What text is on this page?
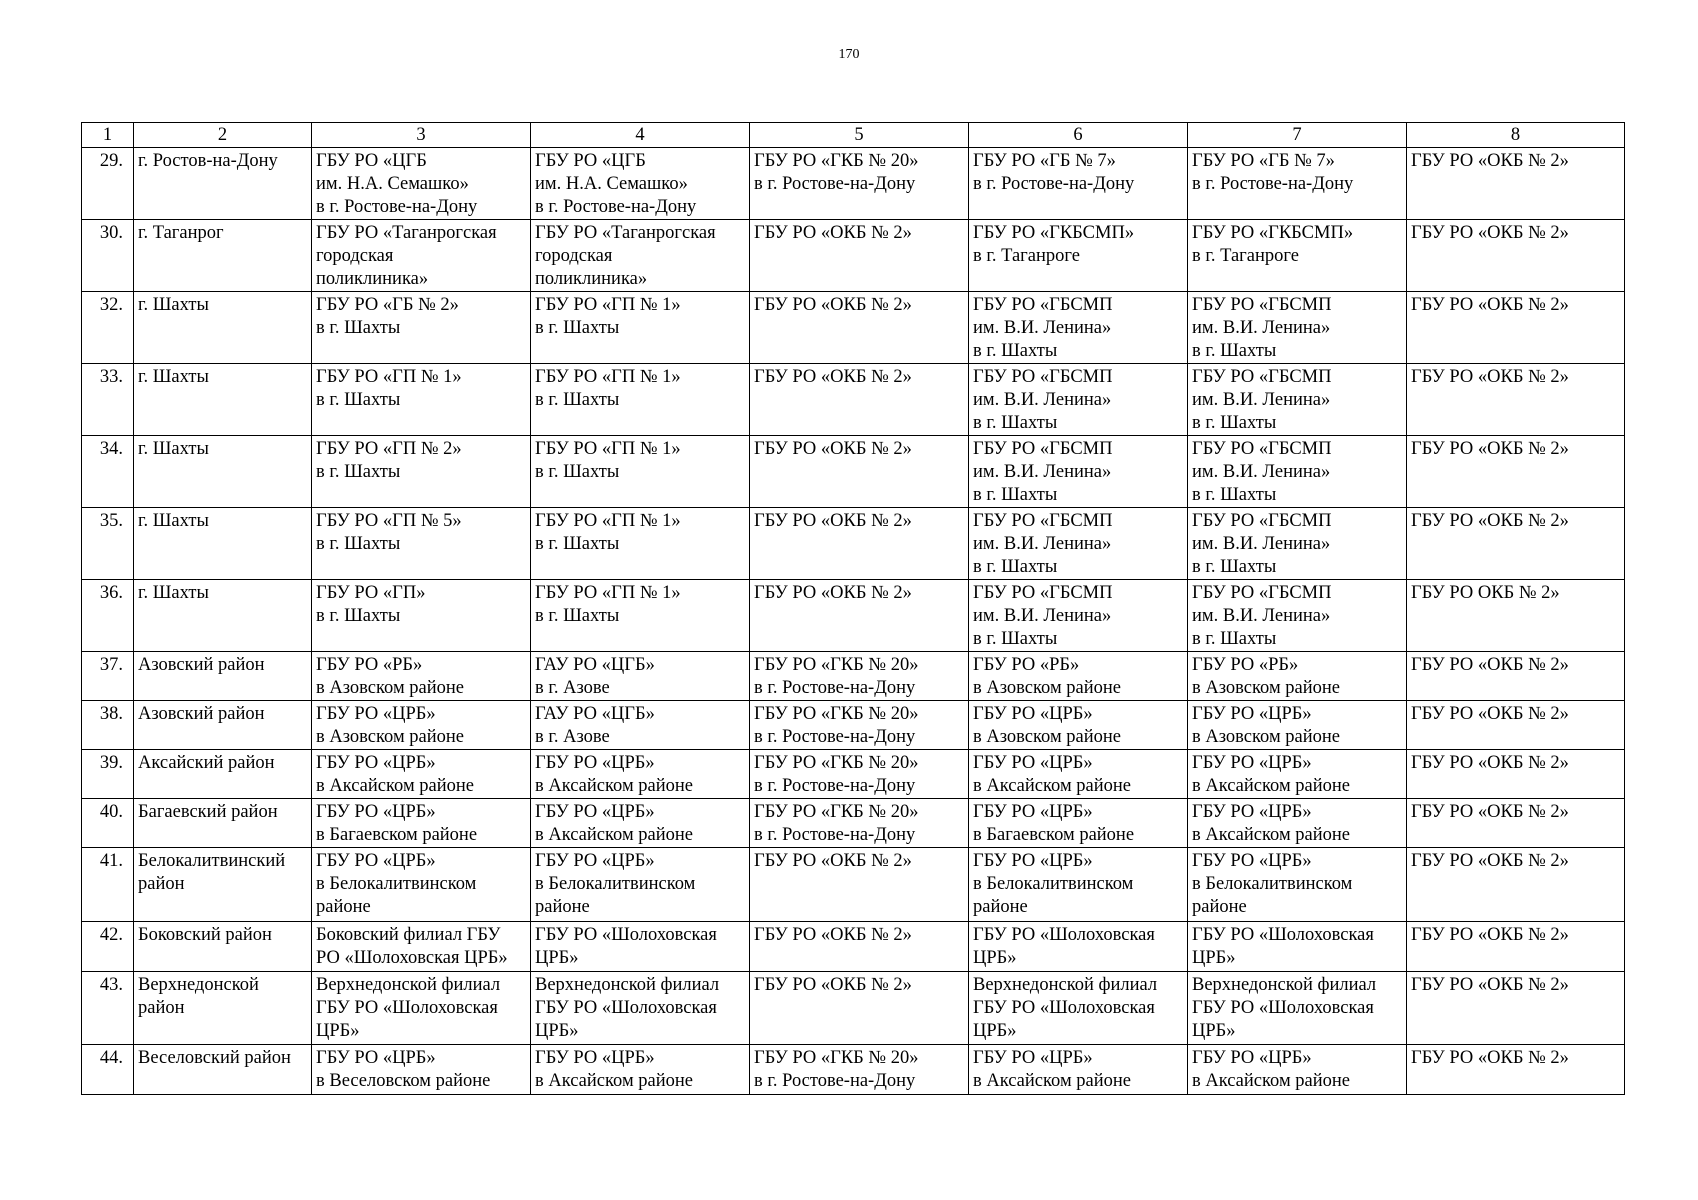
170
1	2	3	4	5	6	7	8
29.	г. Ростов-на-Дону	ГБУ РО «ЦГБ
им. Н.А. Семашко»
в г. Ростове-на-Дону	ГБУ РО «ЦГБ
им. Н.А. Семашко»
в г. Ростове-на-Дону	ГБУ РО «ГКБ № 20»
в г. Ростове-на-Дону	ГБУ РО «ГБ № 7»
в г. Ростове-на-Дону	ГБУ РО «ГБ № 7»
в г. Ростове-на-Дону	ГБУ РО «ОКБ № 2»
30.	г. Таганрог	ГБУ РО «Таганрогская
городская
поликлиника»	ГБУ РО «Таганрогская
городская
поликлиника»	ГБУ РО «ОКБ № 2»	ГБУ РО «ГКБСМП»
в г. Таганроге	ГБУ РО «ГКБСМП»
в г. Таганроге	ГБУ РО «ОКБ № 2»
32.	г. Шахты	ГБУ РО «ГБ № 2»
в г. Шахты	ГБУ РО «ГП № 1»
в г. Шахты	ГБУ РО «ОКБ № 2»	ГБУ РО «ГБСМП
им. В.И. Ленина»
в г. Шахты	ГБУ РО «ГБСМП
им. В.И. Ленина»
в г. Шахты	ГБУ РО «ОКБ № 2»
33.	г. Шахты	ГБУ РО «ГП № 1»
в г. Шахты	ГБУ РО «ГП № 1»
в г. Шахты	ГБУ РО «ОКБ № 2»	ГБУ РО «ГБСМП
им. В.И. Ленина»
в г. Шахты	ГБУ РО «ГБСМП
им. В.И. Ленина»
в г. Шахты	ГБУ РО «ОКБ № 2»
34.	г. Шахты	ГБУ РО «ГП № 2»
в г. Шахты	ГБУ РО «ГП № 1»
в г. Шахты	ГБУ РО «ОКБ № 2»	ГБУ РО «ГБСМП
им. В.И. Ленина»
в г. Шахты	ГБУ РО «ГБСМП
им. В.И. Ленина»
в г. Шахты	ГБУ РО «ОКБ № 2»
35.	г. Шахты	ГБУ РО «ГП № 5»
в г. Шахты	ГБУ РО «ГП № 1»
в г. Шахты	ГБУ РО «ОКБ № 2»	ГБУ РО «ГБСМП
им. В.И. Ленина»
в г. Шахты	ГБУ РО «ГБСМП
им. В.И. Ленина»
в г. Шахты	ГБУ РО «ОКБ № 2»
36.	г. Шахты	ГБУ РО «ГП»
в г. Шахты	ГБУ РО «ГП № 1»
в г. Шахты	ГБУ РО «ОКБ № 2»	ГБУ РО «ГБСМП
им. В.И. Ленина»
в г. Шахты	ГБУ РО «ГБСМП
им. В.И. Ленина»
в г. Шахты	ГБУ РО ОКБ № 2»
37.	Азовский район	ГБУ РО «РБ»
в Азовском районе	ГАУ РО «ЦГБ»
в г. Азове	ГБУ РО «ГКБ № 20»
в г. Ростове-на-Дону	ГБУ РО «РБ»
в Азовском районе	ГБУ РО «РБ»
в Азовском районе	ГБУ РО «ОКБ № 2»
38.	Азовский район	ГБУ РО «ЦРБ»
в Азовском районе	ГАУ РО «ЦГБ»
в г. Азове	ГБУ РО «ГКБ № 20»
в г. Ростове-на-Дону	ГБУ РО «ЦРБ»
в Азовском районе	ГБУ РО «ЦРБ»
в Азовском районе	ГБУ РО «ОКБ № 2»
39.	Аксайский район	ГБУ РО «ЦРБ»
в Аксайском районе	ГБУ РО «ЦРБ»
в Аксайском районе	ГБУ РО «ГКБ № 20»
в г. Ростове-на-Дону	ГБУ РО «ЦРБ»
в Аксайском районе	ГБУ РО «ЦРБ»
в Аксайском районе	ГБУ РО «ОКБ № 2»
40.	Багаевский район	ГБУ РО «ЦРБ»
в Багаевском районе	ГБУ РО «ЦРБ»
в Аксайском районе	ГБУ РО «ГКБ № 20»
в г. Ростове-на-Дону	ГБУ РО «ЦРБ»
в Багаевском районе	ГБУ РО «ЦРБ»
в Аксайском районе	ГБУ РО «ОКБ № 2»
41.	Белокалитвинский
район	ГБУ РО «ЦРБ»
в Белокалитвинском
районе	ГБУ РО «ЦРБ»
в Белокалитвинском
районе	ГБУ РО «ОКБ № 2»	ГБУ РО «ЦРБ»
в Белокалитвинском
районе	ГБУ РО «ЦРБ»
в Белокалитвинском
районе	ГБУ РО «ОКБ № 2»
42.	Боковский район	Боковский филиал ГБУ
РО «Шолоховская ЦРБ»	ГБУ РО «Шолоховская
ЦРБ»	ГБУ РО «ОКБ № 2»	ГБУ РО «Шолоховская
ЦРБ»	ГБУ РО «Шолоховская
ЦРБ»	ГБУ РО «ОКБ № 2»
43.	Верхнедонской
район	Верхнедонской филиал
ГБУ РО «Шолоховская
ЦРБ»	Верхнедонской филиал
ГБУ РО «Шолоховская
ЦРБ»	ГБУ РО «ОКБ № 2»	Верхнедонской филиал
ГБУ РО «Шолоховская
ЦРБ»	Верхнедонской филиал
ГБУ РО «Шолоховская
ЦРБ»	ГБУ РО «ОКБ № 2»
44.	Веселовский район	ГБУ РО «ЦРБ»
в Веселовском районе	ГБУ РО «ЦРБ»
в Аксайском районе	ГБУ РО «ГКБ № 20»
в г. Ростове-на-Дону	ГБУ РО «ЦРБ»
в Аксайском районе	ГБУ РО «ЦРБ»
в Аксайском районе	ГБУ РО «ОКБ № 2»
